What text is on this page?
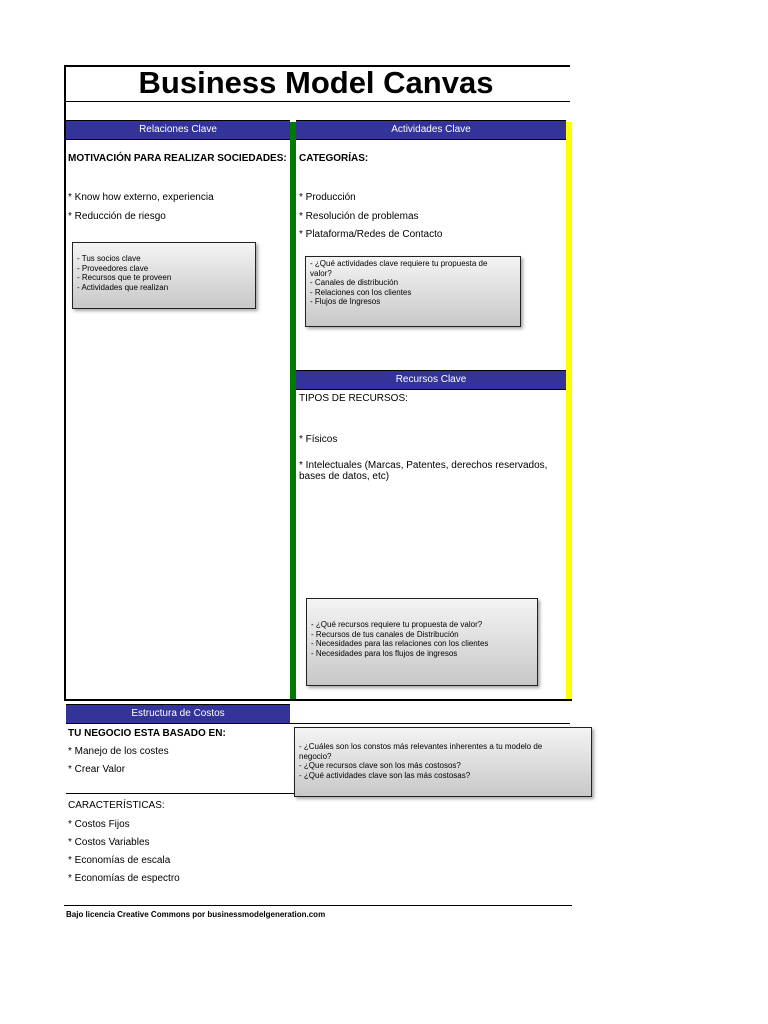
Business Model Canvas
Relaciones Clave
MOTIVACIÓN PARA REALIZAR SOCIEDADES:
* Know how externo, experiencia
* Reducción de riesgo
- Tus socios clave
- Proveedores clave
- Recursos que te proveen
- Actividades que realizan
Actividades Clave
CATEGORÍAS:
* Producción
* Resolución de problemas
* Plataforma/Redes de Contacto
- ¿Qué actividades clave requiere tu propuesta de
valor?
- Canales de distribución
- Relaciones con los clientes
- Flujos de Ingresos
Recursos Clave
TIPOS DE RECURSOS:
* Físicos
* Intelectuales (Marcas, Patentes, derechos reservados,
bases de datos, etc)
- ¿Qué recursos requiere tu propuesta de valor?
- Recursos de tus canales de Distribución
- Necesidades para las relaciones con los clientes
- Necesidades para los flujos de ingresos
Estructura de Costos
TU NEGOCIO ESTA BASADO EN:
* Manejo de los costes
* Crear Valor
- ¿Cuáles son los constos más relevantes inherentes a tu modelo de
negocio?
- ¿Que recursos clave son los más costosos?
- ¿Qué actividades clave son las más costosas?
CARACTERÍSTICAS:
* Costos Fijos
* Costos Variables
* Economías de escala
* Economías de espectro
Bajo licencia Creative Commons por businessmodelgeneration.com
